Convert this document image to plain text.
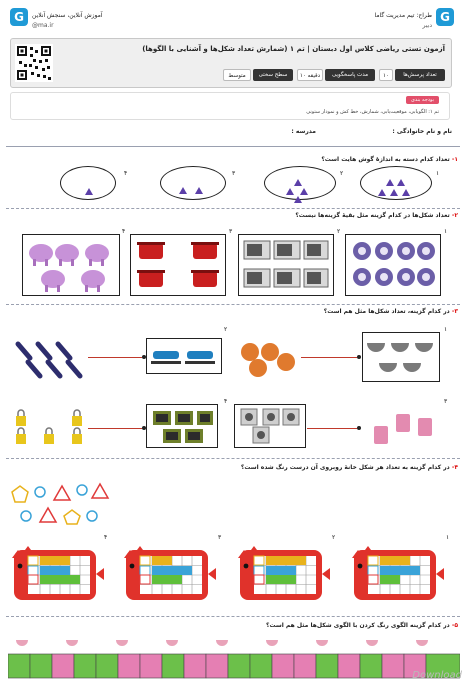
G	آموزش آنلاین، سنجش آنلاین
@ma.ir
G
طراح: تیم مدیریت گاما
دبیر
آزمون تستی ریاضی کلاس اول دبستان | تم ۱ (شمارش تعداد شکل‌ها و آشنایی با الگوها)
تعداد پرسش‌ها
۱۰
مدت پاسخگویی
۱۰ دقیقه
سطح سختی
متوسط
بودجه بندی
تم ۱: الگویابی، موقعیت‌یابی، شمارش، خط کش و نمودار ستونی
نام و نام خانوادگی :
مدرسه :
۱- تعداد کدام دسته به اندازهٔ گوش هایت است؟
۱
۲
۳
۴
۲- تعداد شکل‌ها در کدام گزینه مثل بقیهٔ گزینه‌ها نیست؟
۱
۲
۳
۴
۳- در کدام گزینه، تعداد شکل‌ها مثل هم است؟
۱
۲
۳
۴
۴- در کدام گزینه به تعداد هر شکل خانهٔ روبروی آن درست رنگ شده است؟
۱
۲
۳
۴
۵- در کدام گزینه الگوی رنگ کردن با الگوی شکل‌ها مثل هم است؟
Download
